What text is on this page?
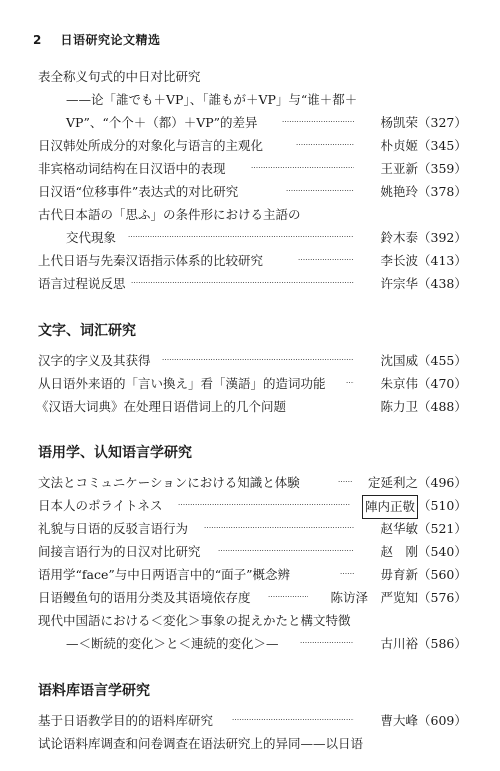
2 日语研究论文精选
表全称义句式的中日对比研究
——论「誰でも＋VP」、「誰もが＋VP」与“谁＋都＋
VP”、“个个＋（都）＋VP”的差异 ·····	杨凯荣 （327）
日汉韩处所成分的对象化与语言的主观化 ·····	朴贞姬 （345）
非宾格动词结构在日汉语中的表现 ·····	王亚新 （359）
日汉语“位移事件”表达式的对比研究 ·····	姚艳玲 （378）
古代日本語の「思ふ」の条件形における主語の
交代現象 ·····	鈴木泰 （392）
上代日语与先秦汉语指示体系的比较研究 ·····	李长波 （413）
语言过程说反思 ·····	许宗华 （438）
文字、词汇研究
汉字的字义及其获得 ·····	沈国威 （455）
从日语外来语的「言い換え」看「漢語」的造词功能 ·····	朱京伟 （470）
《汉语大词典》在处理日语借词上的几个问题	陈力卫 （488）
语用学、认知语言学研究
文法とコミュニケーションにおける知識と体験 ·····	定延利之 （496）
日本人のポライトネス ·····	陣内正敬 （510）
礼貌与日语的反驳言语行为 ·····	赵华敏 （521）
间接言语行为的日汉对比研究 ·····	赵　刚 （540）
语用学“face”与中日两语言中的“面子”概念辨 ·····	毋育新 （560）
日语鳗鱼句的语用分类及其语境依存度 ·····	陈访泽　严览知 （576）
现代中国語における＜変化＞事象の捉えかたと構文特徴
—＜断続的変化＞と＜連続的変化＞— ·····	古川裕 （586）
语料库语言学研究
基于日语教学目的的语料库研究 ·····	曹大峰 （609）
试论语料库调查和问卷调查在语法研究上的异同——以日语
